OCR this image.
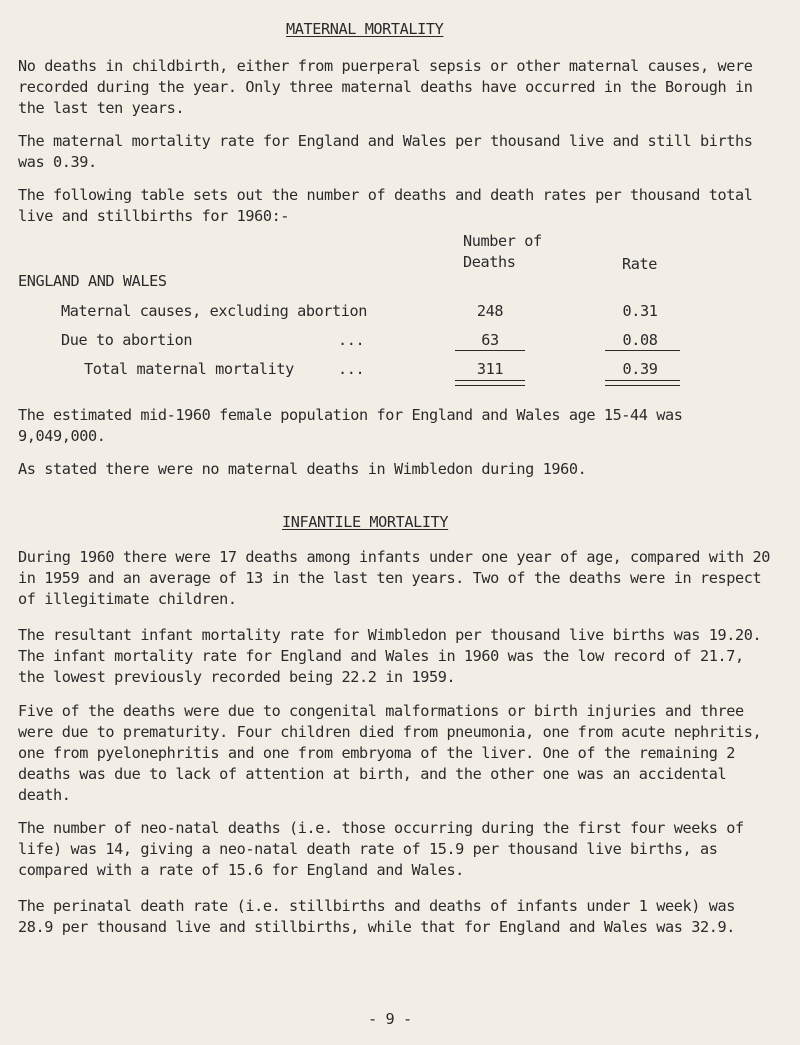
MATERNAL MORTALITY

No deaths in childbirth, either from puerperal sepsis or other maternal causes, were recorded during the year. Only three maternal deaths have occurred in the Borough in the last ten years.

The maternal mortality rate for England and Wales per thousand live and still births was 0.39.

The following table sets out the number of deaths and death rates per thousand total live and stillbirths for 1960:-

Number of
Deaths	Rate
ENGLAND AND WALES
Maternal causes, excluding abortion	248	0.31
Due to abortion	...	63	0.08
Total maternal mortality	...	311	0.39

The estimated mid-1960 female population for England and Wales age 15-44 was 9,049,000.

As stated there were no maternal deaths in Wimbledon during 1960.

INFANTILE MORTALITY

During 1960 there were 17 deaths among infants under one year of age, compared with 20 in 1959 and an average of 13 in the last ten years. Two of the deaths were in respect of illegitimate children.

The resultant infant mortality rate for Wimbledon per thousand live births was 19.20. The infant mortality rate for England and Wales in 1960 was the low record of 21.7, the lowest previously recorded being 22.2 in 1959.

Five of the deaths were due to congenital malformations or birth injuries and three were due to prematurity. Four children died from pneumonia, one from acute nephritis, one from pyelonephritis and one from embryoma of the liver. One of the remaining 2 deaths was due to lack of attention at birth, and the other one was an accidental death.

The number of neo-natal deaths (i.e. those occurring during the first four weeks of life) was 14, giving a neo-natal death rate of 15.9 per thousand live births, as compared with a rate of 15.6 for England and Wales.

The perinatal death rate (i.e. stillbirths and deaths of infants under 1 week) was 28.9 per thousand live and stillbirths, while that for England and Wales was 32.9.

- 9 -
